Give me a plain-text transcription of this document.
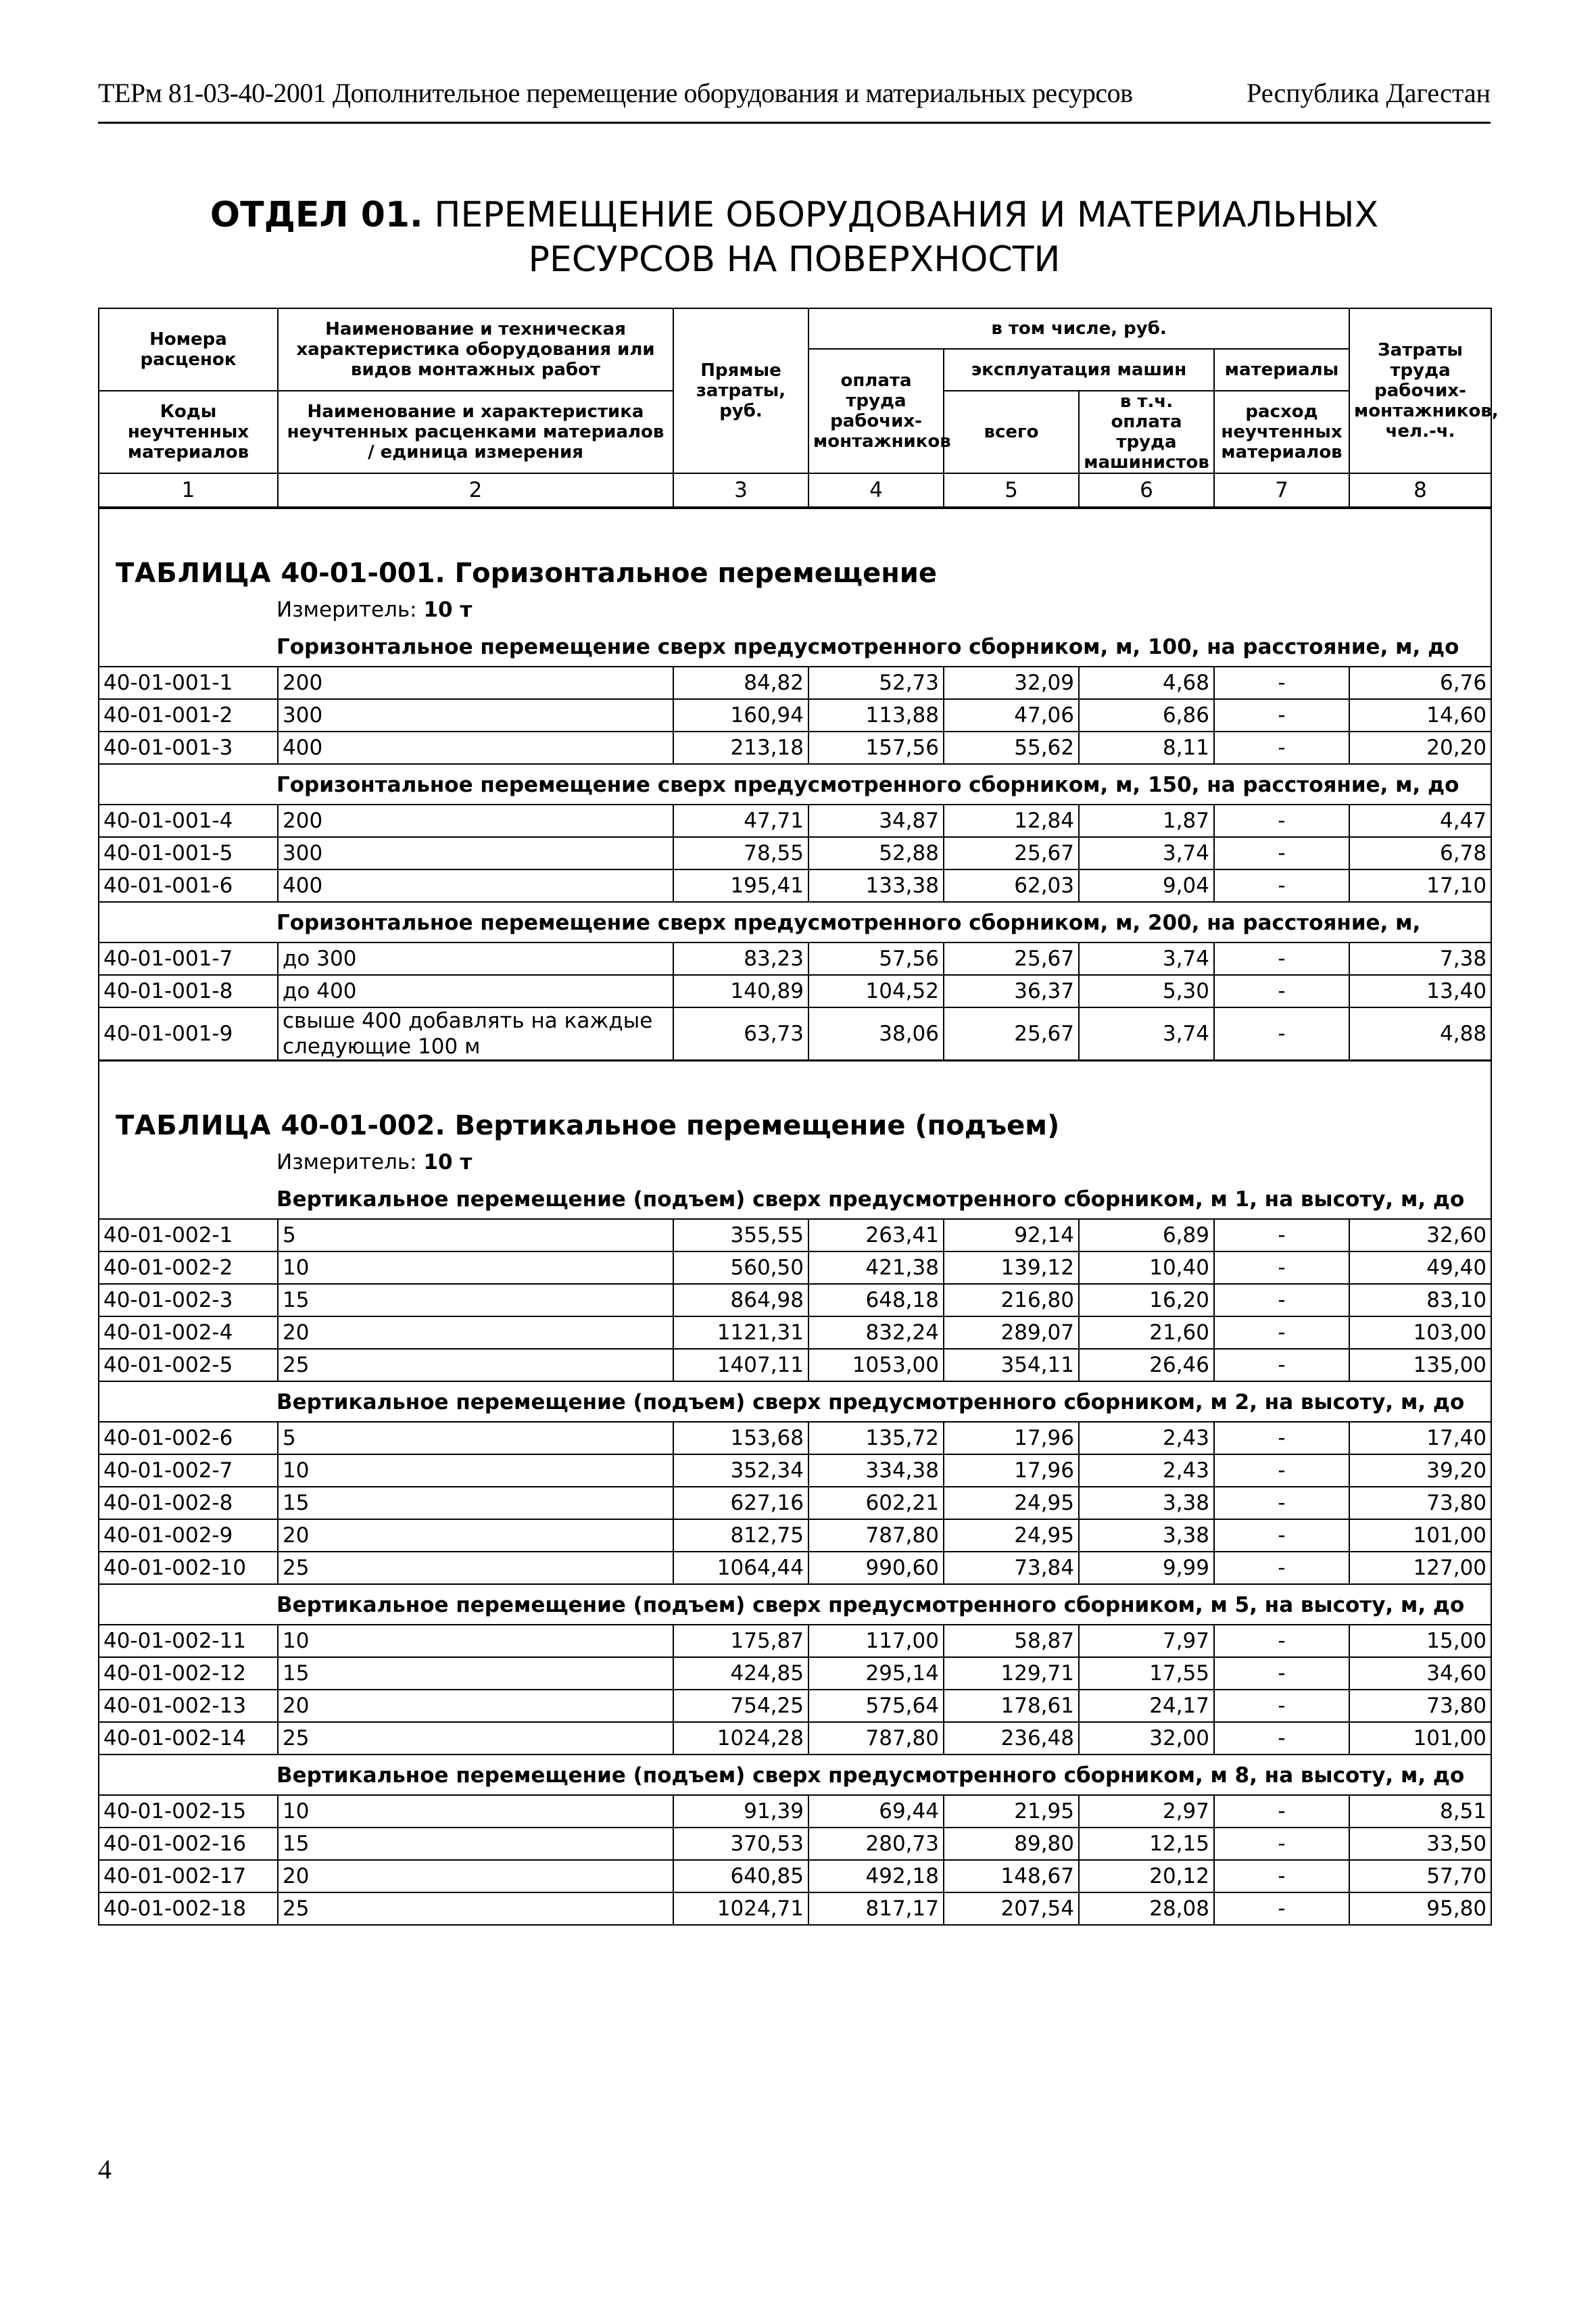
ТЕРм 81-03-40-2001 Дополнительное перемещение оборудования и материальных ресурсов	Республика Дагестан
ОТДЕЛ 01. ПЕРЕМЕЩЕНИЕ ОБОРУДОВАНИЯ И МАТЕРИАЛЬНЫХ
РЕСУРСОВ НА ПОВЕРХНОСТИ
Номера расценок	Наименование и техническая характеристика оборудования или видов монтажных работ	Прямые затраты, руб.	в том числе, руб.				Затраты труда рабочих-монтажников, чел.-ч.
			оплата труда рабочих-монтажников	эксплуатация машин		материалы	
Коды неучтенных материалов	Наименование и характеристика неучтенных расценками материалов / единица измерения			всего	в т.ч. оплата труда машинистов	расход неучтенных материалов	
1	2	3	4	5	6	7	8
ТАБЛИЦА 40-01-001. Горизонтальное перемещение							
Измеритель: 10 т							
Горизонтальное перемещение сверх предусмотренного сборником, м, 100, на расстояние, м, до							
40-01-001-1	200	84,82	52,73	32,09	4,68	-	6,76
40-01-001-2	300	160,94	113,88	47,06	6,86	-	14,60
40-01-001-3	400	213,18	157,56	55,62	8,11	-	20,20
Горизонтальное перемещение сверх предусмотренного сборником, м, 150, на расстояние, м, до							
40-01-001-4	200	47,71	34,87	12,84	1,87	-	4,47
40-01-001-5	300	78,55	52,88	25,67	3,74	-	6,78
40-01-001-6	400	195,41	133,38	62,03	9,04	-	17,10
Горизонтальное перемещение сверх предусмотренного сборником, м, 200, на расстояние, м,							
40-01-001-7	до 300	83,23	57,56	25,67	3,74	-	7,38
40-01-001-8	до 400	140,89	104,52	36,37	5,30	-	13,40
40-01-001-9	свыше 400 добавлять на каждые следующие 100 м	63,73	38,06	25,67	3,74	-	4,88
ТАБЛИЦА 40-01-002. Вертикальное перемещение (подъем)							
Измеритель: 10 т							
Вертикальное перемещение (подъем) сверх предусмотренного сборником, м 1, на высоту, м, до							
40-01-002-1	5	355,55	263,41	92,14	6,89	-	32,60
40-01-002-2	10	560,50	421,38	139,12	10,40	-	49,40
40-01-002-3	15	864,98	648,18	216,80	16,20	-	83,10
40-01-002-4	20	1121,31	832,24	289,07	21,60	-	103,00
40-01-002-5	25	1407,11	1053,00	354,11	26,46	-	135,00
Вертикальное перемещение (подъем) сверх предусмотренного сборником, м 2, на высоту, м, до							
40-01-002-6	5	153,68	135,72	17,96	2,43	-	17,40
40-01-002-7	10	352,34	334,38	17,96	2,43	-	39,20
40-01-002-8	15	627,16	602,21	24,95	3,38	-	73,80
40-01-002-9	20	812,75	787,80	24,95	3,38	-	101,00
40-01-002-10	25	1064,44	990,60	73,84	9,99	-	127,00
Вертикальное перемещение (подъем) сверх предусмотренного сборником, м 5, на высоту, м, до							
40-01-002-11	10	175,87	117,00	58,87	7,97	-	15,00
40-01-002-12	15	424,85	295,14	129,71	17,55	-	34,60
40-01-002-13	20	754,25	575,64	178,61	24,17	-	73,80
40-01-002-14	25	1024,28	787,80	236,48	32,00	-	101,00
Вертикальное перемещение (подъем) сверх предусмотренного сборником, м 8, на высоту, м, до							
40-01-002-15	10	91,39	69,44	21,95	2,97	-	8,51
40-01-002-16	15	370,53	280,73	89,80	12,15	-	33,50
40-01-002-17	20	640,85	492,18	148,67	20,12	-	57,70
40-01-002-18	25	1024,71	817,17	207,54	28,08	-	95,80
4
